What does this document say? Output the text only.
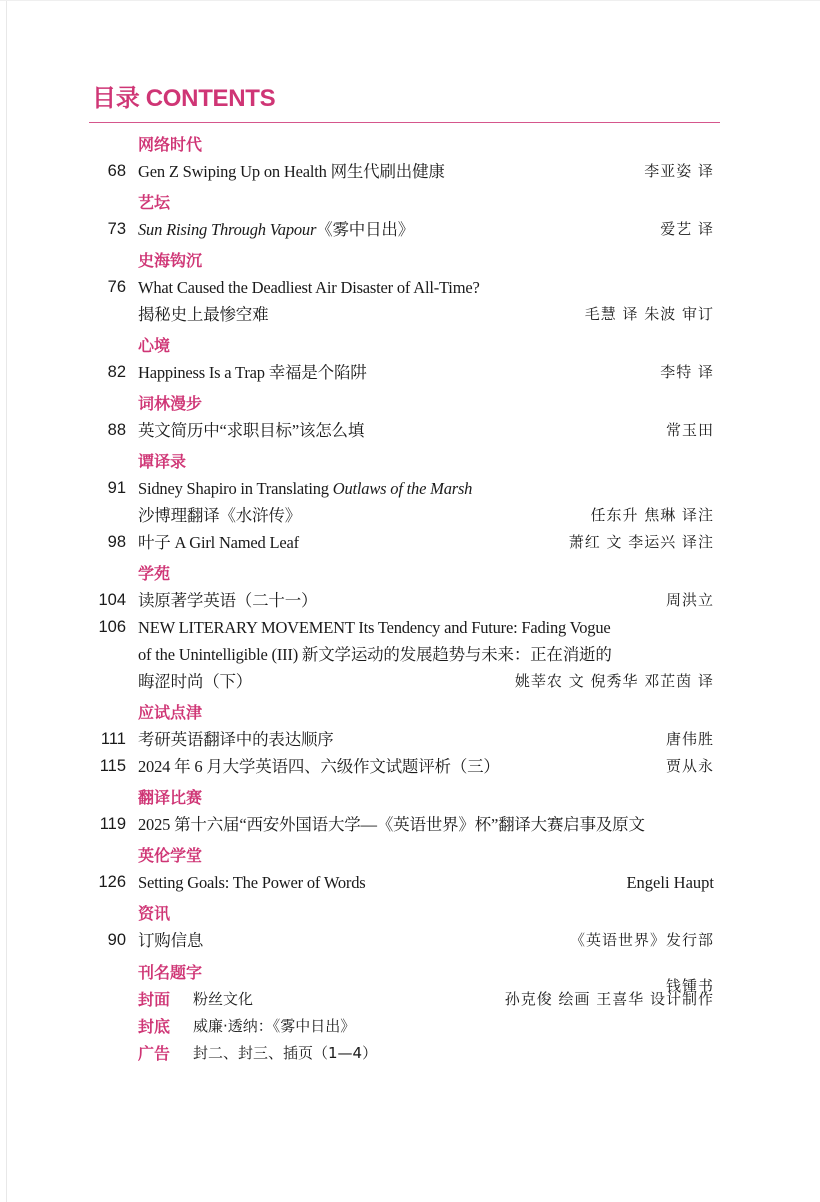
目录 CONTENTS
网络时代
68 Gen Z Swiping Up on Health 网生代刷出健康	李亚姿 译
艺坛
73 Sun Rising Through Vapour《雾中日出》	爱艺 译
史海钩沉
76 What Caused the Deadliest Air Disaster of All-Time?
揭秘史上最惨空难	毛慧 译 朱波 审订
心境
82 Happiness Is a Trap 幸福是个陷阱	李特 译
词林漫步
88 英文简历中“求职目标”该怎么填	常玉田
谭译录
91 Sidney Shapiro in Translating Outlaws of the Marsh
沙博理翻译《水浒传》	任东升 焦琳 译注
98 叶子 A Girl Named Leaf	萧红 文 李运兴 译注
学苑
104 读原著学英语（二十一）	周洪立
106 NEW LITERARY MOVEMENT Its Tendency and Future: Fading Vogue
of the Unintelligible (III) 新文学运动的发展趋势与未来：正在消逝的
晦涩时尚（下）	姚莘农 文 倪秀华 邓芷茵 译
应试点津
111 考研英语翻译中的表达顺序	唐伟胜
115 2024 年 6 月大学英语四、六级作文试题评析（三）	贾从永
翻译比赛
119 2025 第十六届“西安外国语大学—《英语世界》杯”翻译大赛启事及原文
英伦学堂
126 Setting Goals: The Power of Words	Engeli Haupt
资讯
90 订购信息	《英语世界》发行部
刊名题字
钱锺书
封面 粉丝文化	孙克俊 绘画 王喜华 设计制作
封底 威廉·透纳：《雾中日出》
广告 封二、封三、插页（1—4）
